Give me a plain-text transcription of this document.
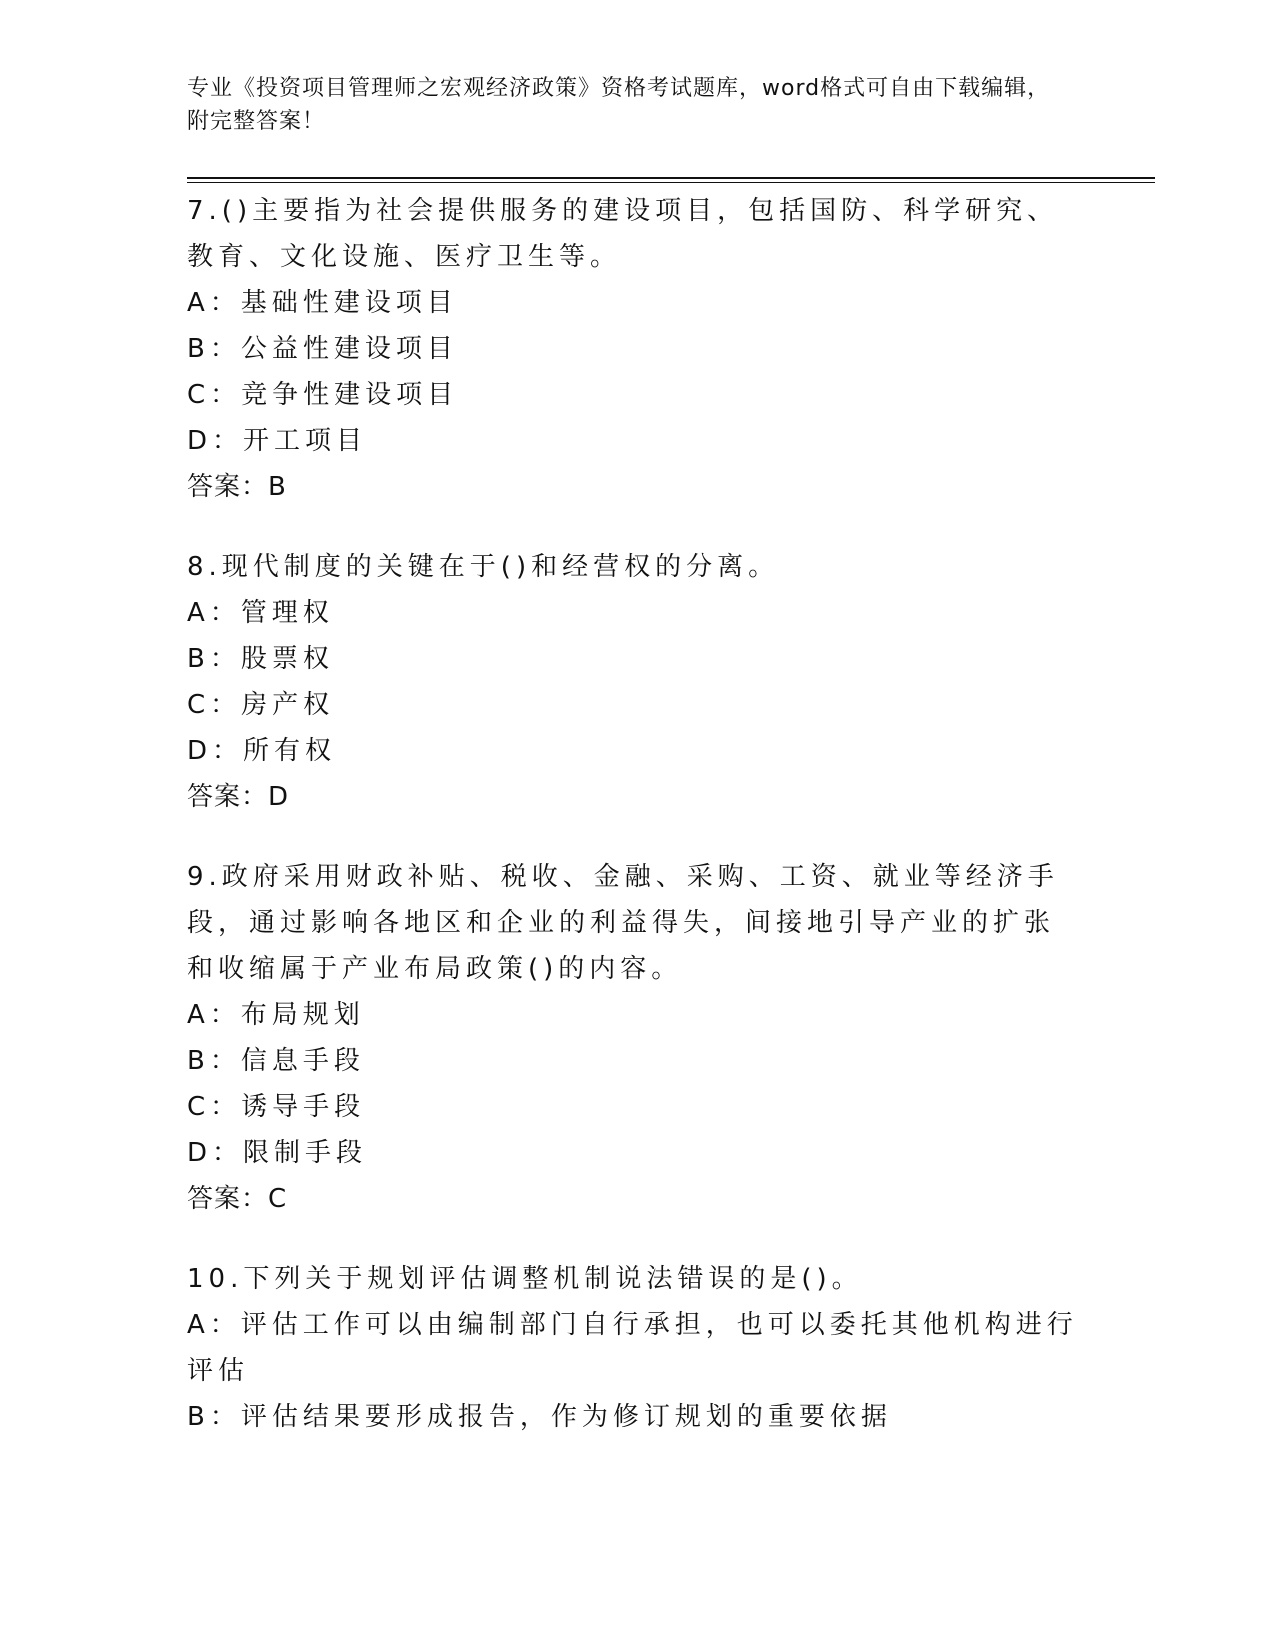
专业《投资项目管理师之宏观经济政策》资格考试题库，word格式可自由下载编辑，附完整答案！
7.()主要指为社会提供服务的建设项目，包括国防、科学研究、教育、文化设施、医疗卫生等。
A：基础性建设项目
B：公益性建设项目
C：竞争性建设项目
D：开工项目
答案：B
8.现代制度的关键在于()和经营权的分离。
A：管理权
B：股票权
C：房产权
D：所有权
答案：D
9.政府采用财政补贴、税收、金融、采购、工资、就业等经济手段，通过影响各地区和企业的利益得失，间接地引导产业的扩张和收缩属于产业布局政策()的内容。
A：布局规划
B：信息手段
C：诱导手段
D：限制手段
答案：C
10.下列关于规划评估调整机制说法错误的是()。
A：评估工作可以由编制部门自行承担，也可以委托其他机构进行评估
B：评估结果要形成报告，作为修订规划的重要依据
